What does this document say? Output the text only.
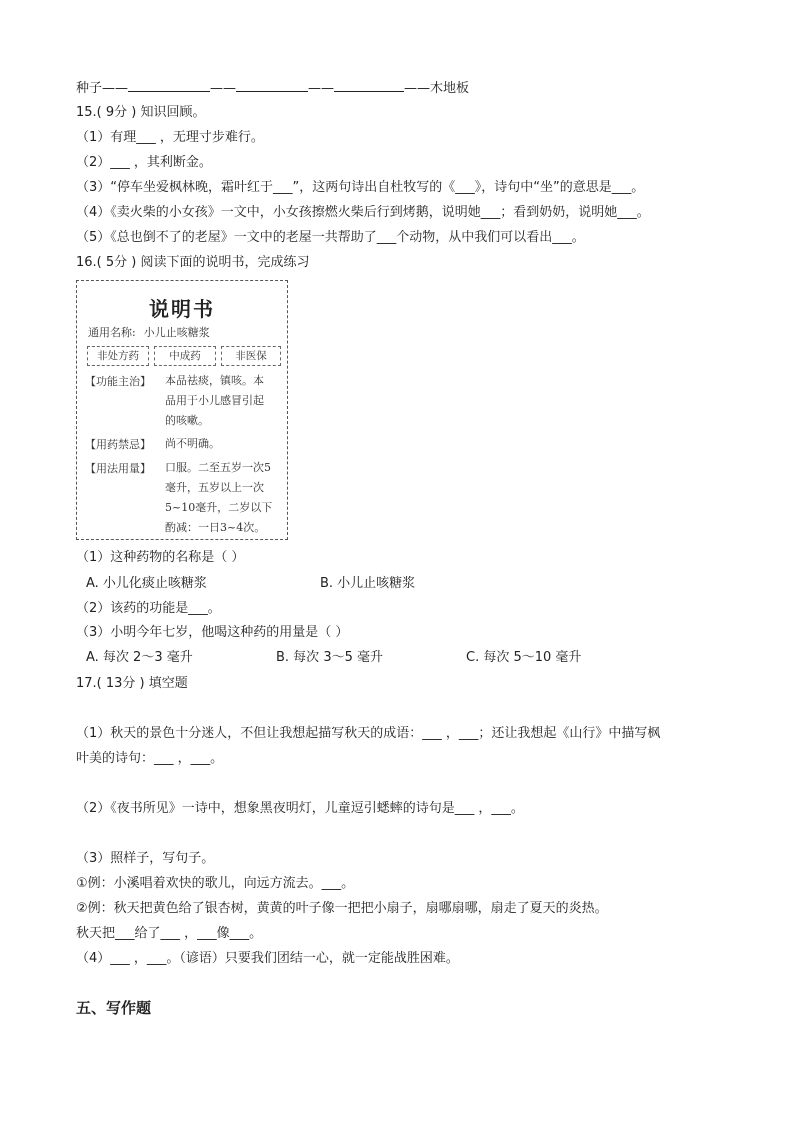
种子——	——	——	——木地板
15.( 9分 ) 知识回顾。
（1）有理___ ，无理寸步难行。
（2）___ ，其利断金。
（3）“停车坐爱枫林晚，霜叶红于___”，这两句诗出自杜牧写的《___》，诗句中“坐”的意思是___。
（4）《卖火柴的小女孩》一文中，小女孩擦燃火柴后行到烤鹅，说明她___；看到奶奶，说明她___。
（5）《总也倒不了的老屋》一文中的老屋一共帮助了___个动物，从中我们可以看出___。
16.( 5分 ) 阅读下面的说明书，完成练习
说明书
通用名称: 小儿止咳糖浆
非处方药	中成药	非医保
【功能主治】 本品祛痰，镇咳。本
品用于小儿感冒引起
的咳嗽。
【用药禁忌】 尚不明确。
【用法用量】 口服。二至五岁一次5
毫升，五岁以上一次
5~10毫升，二岁以下
酌减：一日3~4次。
（1）这种药物的名称是（ ）
A. 小儿化痰止咳糖浆	B. 小儿止咳糖浆
（2）该药的功能是___。
（3）小明今年七岁，他喝这种药的用量是（ ）
A. 每次 2～3 毫升	B. 每次 3～5 毫升	C. 每次 5～10 毫升
17.( 13分 ) 填空题
（1）秋天的景色十分迷人，不但让我想起描写秋天的成语：___ ，___；还让我想起《山行》中描写枫
叶美的诗句：___ ，___。
（2）《夜书所见》一诗中，想象黑夜明灯，儿童逗引蟋蟀的诗句是___ ，___。
（3）照样子，写句子。
①例：小溪唱着欢快的歌儿，向远方流去。___。
②例：秋天把黄色给了银杏树，黄黄的叶子像一把把小扇子，扇哪扇哪，扇走了夏天的炎热。
秋天把___给了___ ，___像___。
（4）___ ，___。（谚语）只要我们团结一心，就一定能战胜困难。
五、写作题
